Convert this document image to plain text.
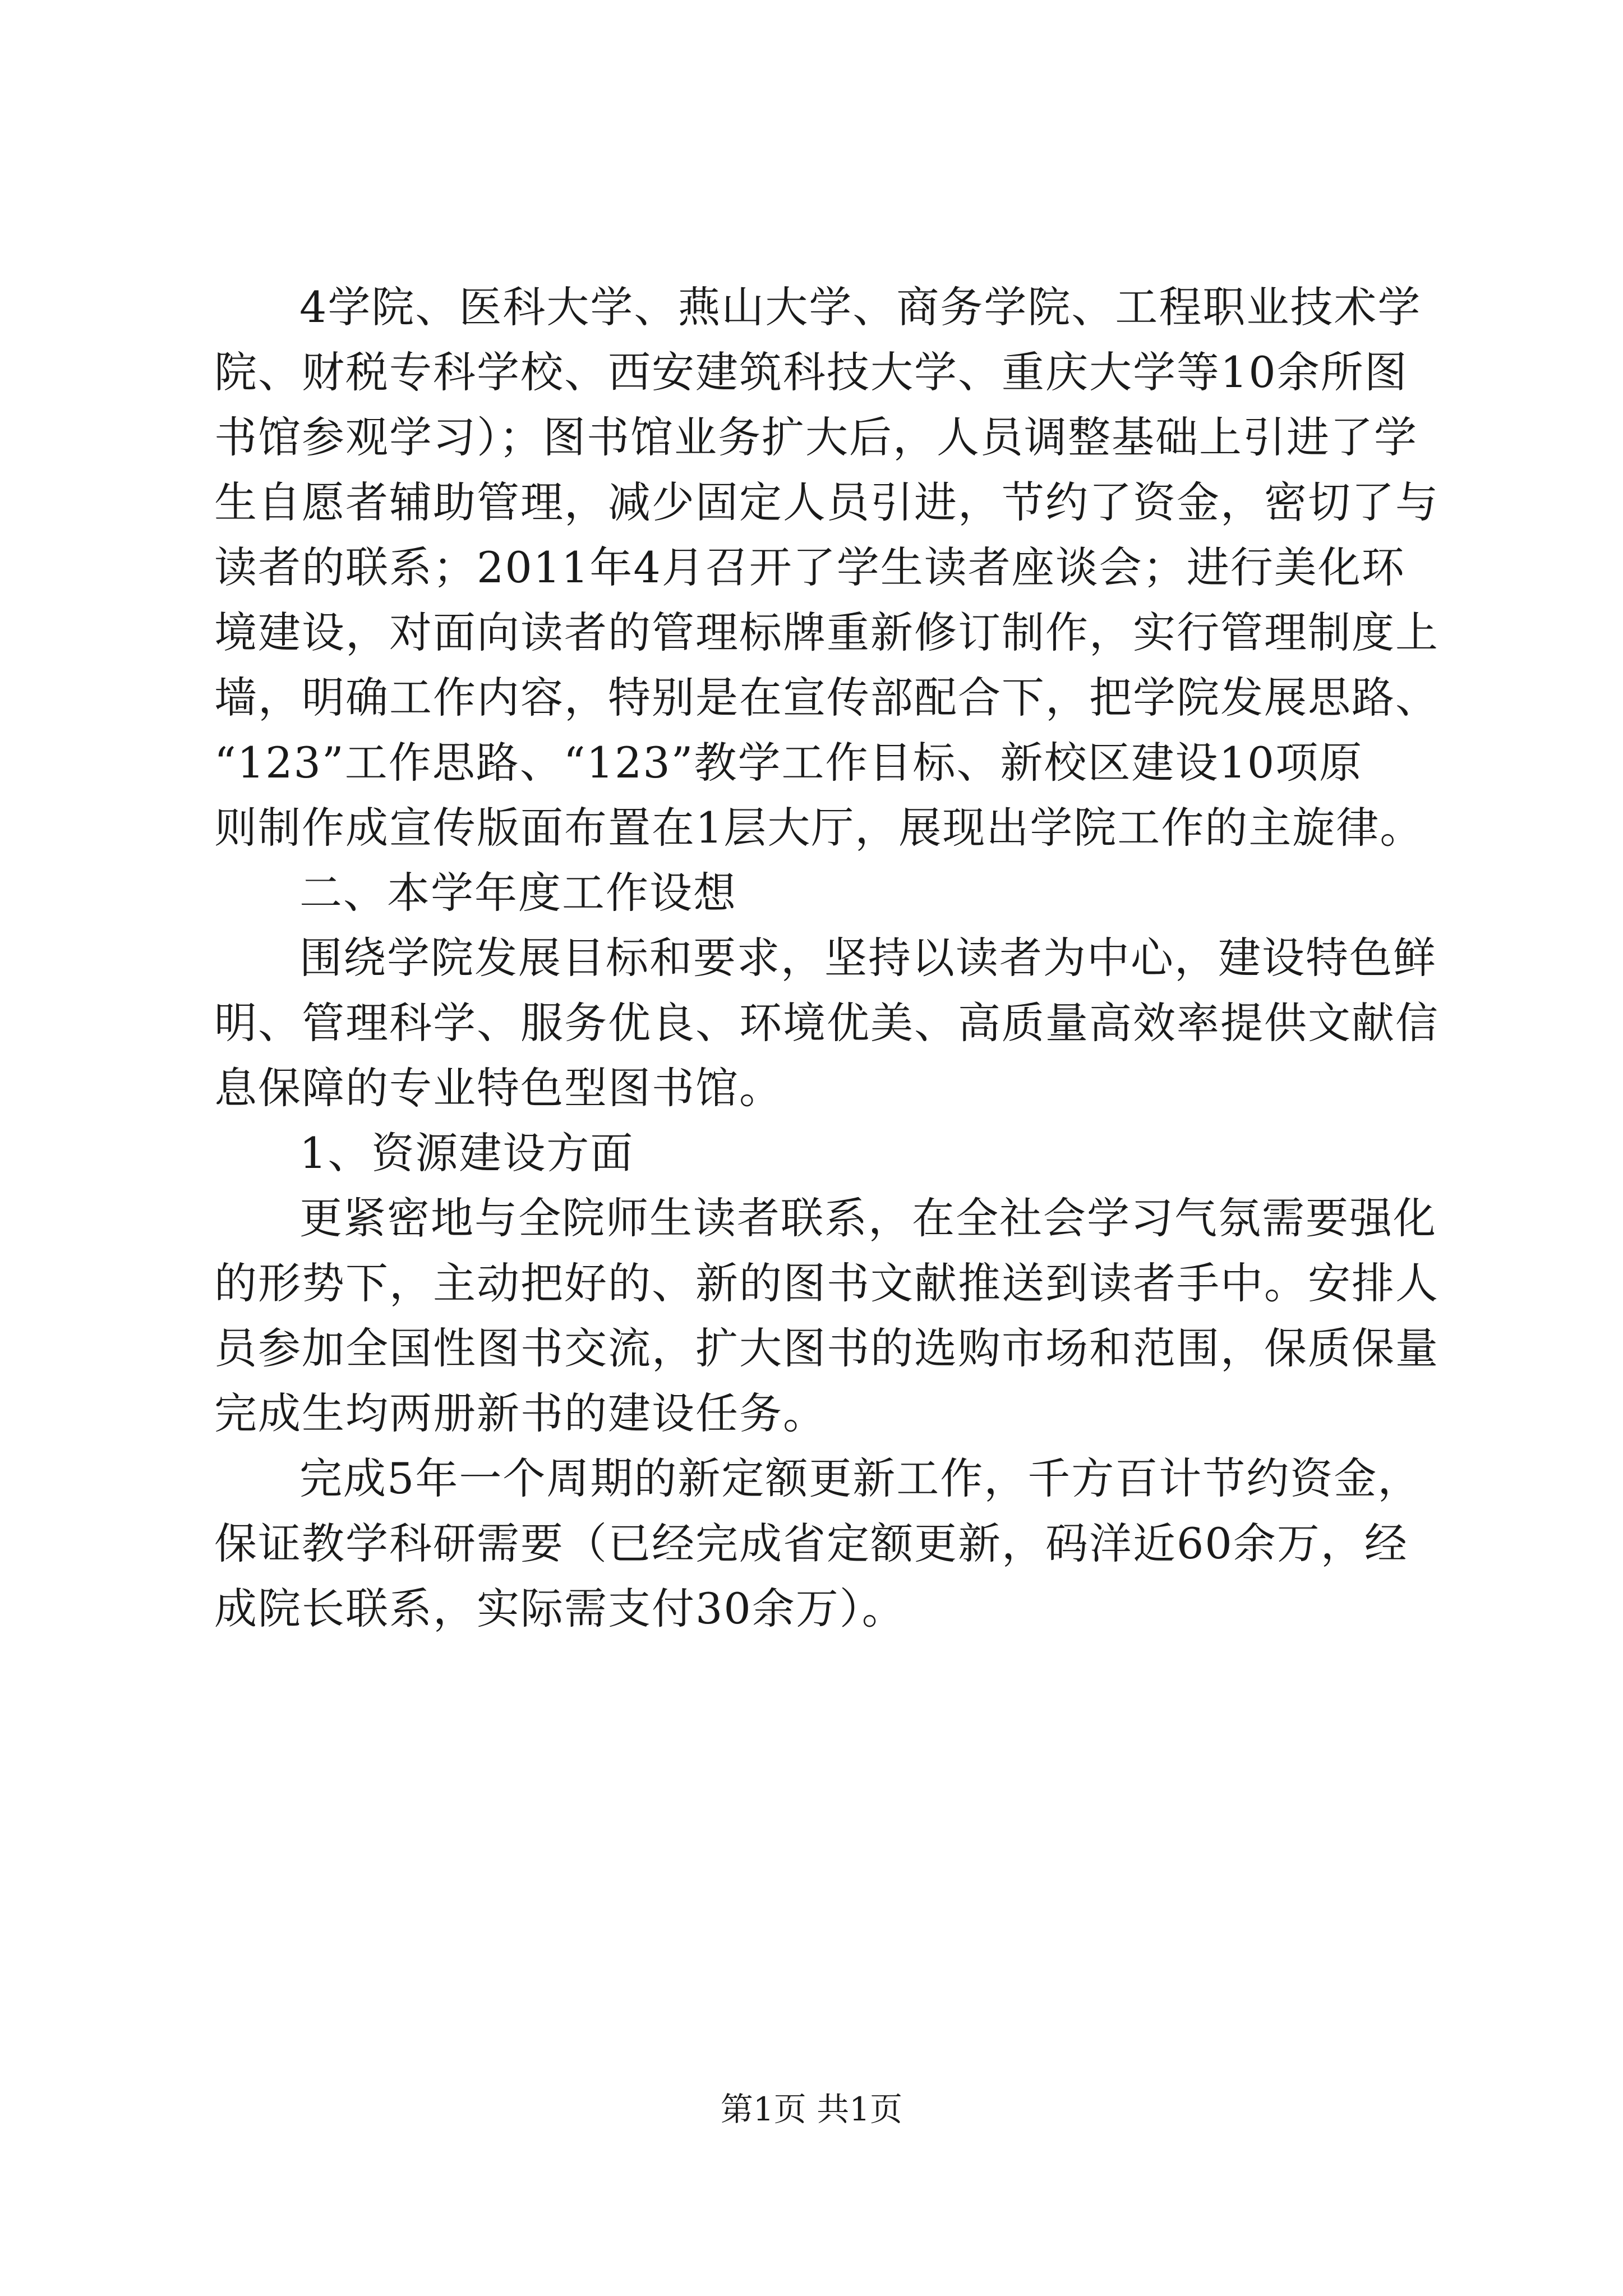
4学院、医科大学、燕山大学、商务学院、工程职业技术学
院、财税专科学校、西安建筑科技大学、重庆大学等10余所图
书馆参观学习）；图书馆业务扩大后，人员调整基础上引进了学
生自愿者辅助管理，减少固定人员引进，节约了资金，密切了与
读者的联系；2011年4月召开了学生读者座谈会；进行美化环
境建设，对面向读者的管理标牌重新修订制作，实行管理制度上
墙，明确工作内容，特别是在宣传部配合下，把学院发展思路、
“123”工作思路、“123”教学工作目标、新校区建设10项原
则制作成宣传版面布置在1层大厅，展现出学院工作的主旋律。
二、本学年度工作设想
围绕学院发展目标和要求，坚持以读者为中心，建设特色鲜
明、管理科学、服务优良、环境优美、高质量高效率提供文献信
息保障的专业特色型图书馆。
1、资源建设方面
更紧密地与全院师生读者联系，在全社会学习气氛需要强化
的形势下，主动把好的、新的图书文献推送到读者手中。安排人
员参加全国性图书交流，扩大图书的选购市场和范围，保质保量
完成生均两册新书的建设任务。
完成5年一个周期的新定额更新工作，千方百计节约资金，
保证教学科研需要（已经完成省定额更新，码洋近60余万，经
成院长联系，实际需支付30余万）。
第1页 共1页
